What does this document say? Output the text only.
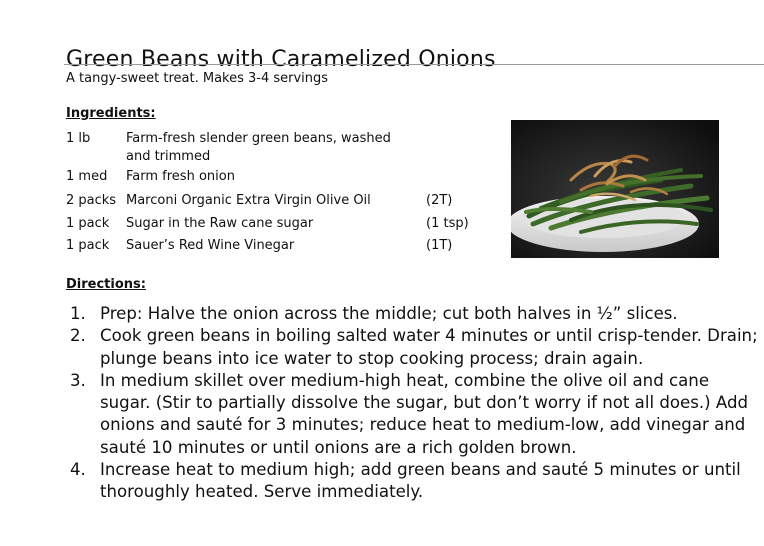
Green Beans with Caramelized Onions
A tangy-sweet treat. Makes 3-4 servings
Ingredients:
1 lb	Farm-fresh slender green beans, washed and trimmed
1 med Farm fresh onion
2 packs Marconi Organic Extra Virgin Olive Oil	(2T)
1 pack Sugar in the Raw cane sugar	(1 tsp)
1 pack Sauer’s Red Wine Vinegar	(1T)
Directions:
1. Prep: Halve the onion across the middle; cut both halves in ½” slices.
2. Cook green beans in boiling salted water 4 minutes or until crisp-tender. Drain; plunge beans into ice water to stop cooking process; drain again.
3. In medium skillet over medium-high heat, combine the olive oil and cane sugar. (Stir to partially dissolve the sugar, but don’t worry if not all does.) Add onions and sauté for 3 minutes; reduce heat to medium-low, add vinegar and sauté 10 minutes or until onions are a rich golden brown.
4. Increase heat to medium high; add green beans and sauté 5 minutes or until thoroughly heated. Serve immediately.
